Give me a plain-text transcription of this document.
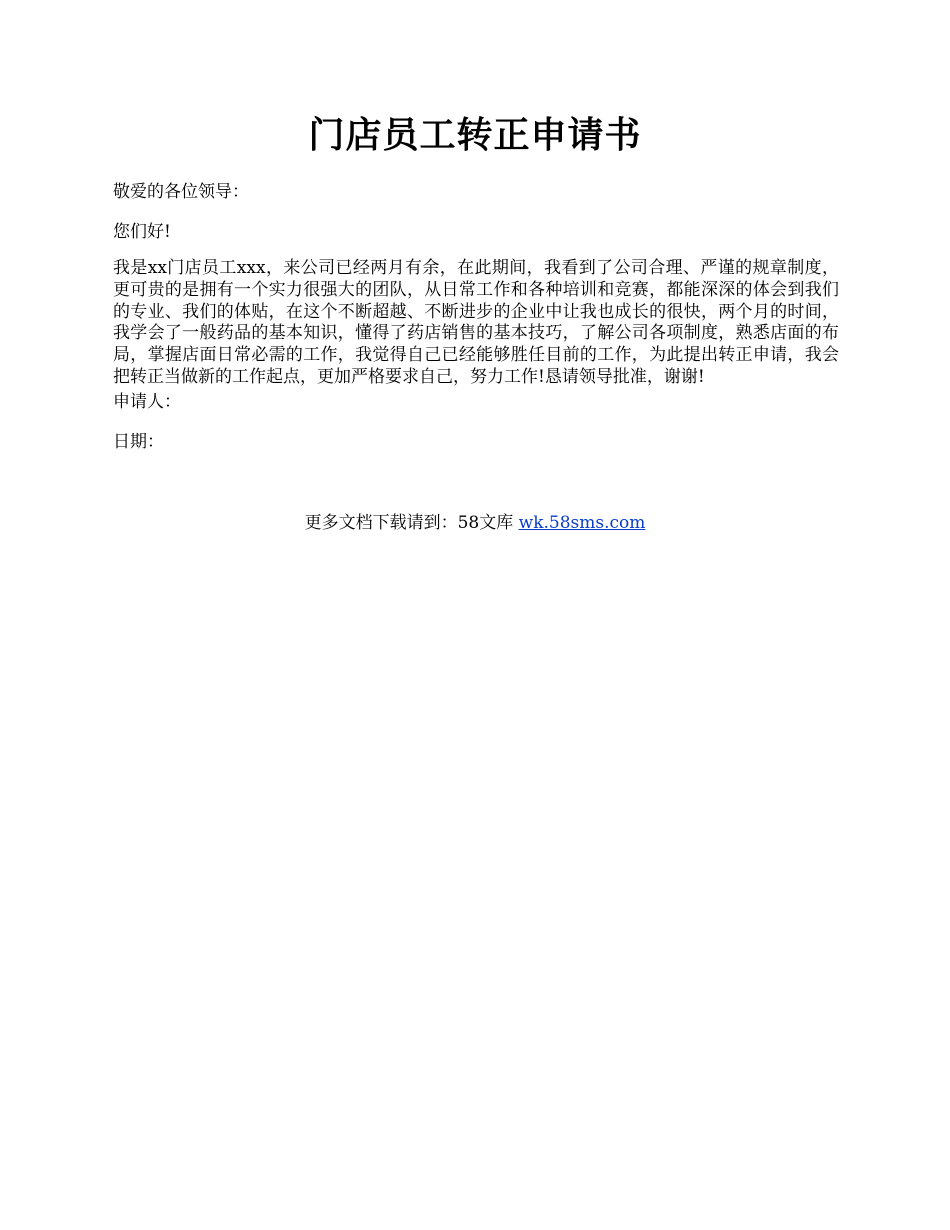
门店员工转正申请书

敬爱的各位领导：

您们好!

我是xx门店员工xxx，来公司已经两月有余，在此期间，我看到了公司合理、严谨的规章制度，更可贵的是拥有一个实力很强大的团队，从日常工作和各种培训和竞赛，都能深深的体会到我们的专业、我们的体贴，在这个不断超越、不断进步的企业中让我也成长的很快，两个月的时间，我学会了一般药品的基本知识，懂得了药店销售的基本技巧，了解公司各项制度，熟悉店面的布局，掌握店面日常必需的工作，我觉得自己已经能够胜任目前的工作，为此提出转正申请，我会把转正当做新的工作起点，更加严格要求自己，努力工作!恳请领导批准，谢谢!

申请人：

日期：

更多文档下载请到：58文库 wk.58sms.com
